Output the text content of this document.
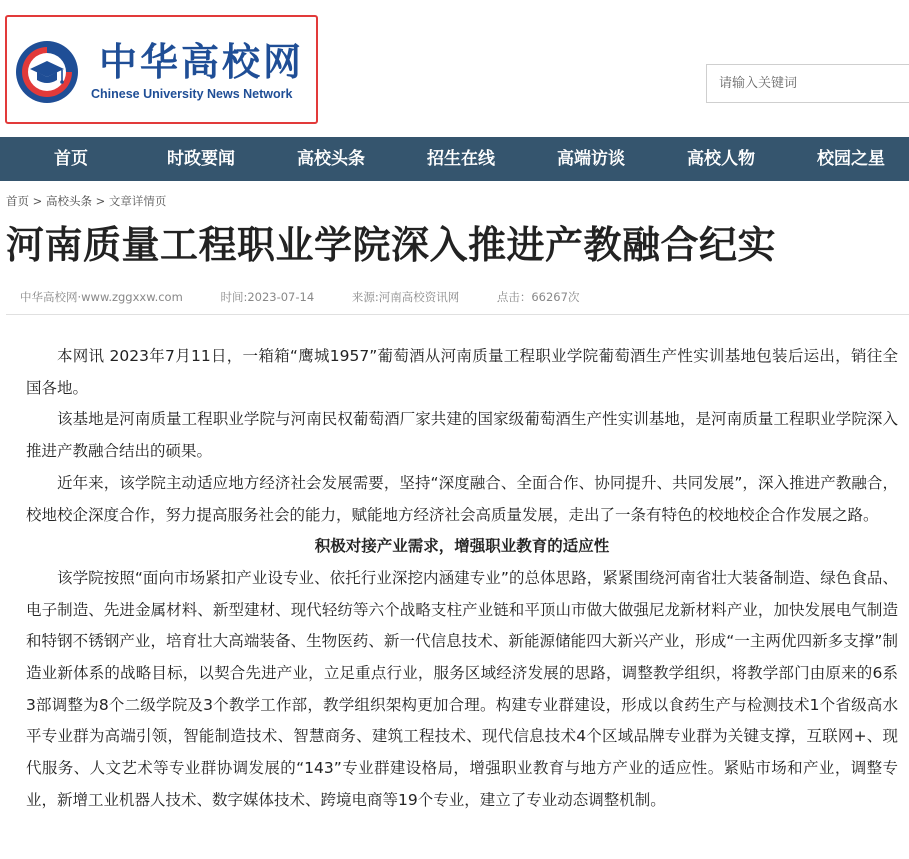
中华高校网
Chinese University News Network
请输入关键词
首页	时政要闻	高校头条	招生在线	高端访谈	高校人物	校园之星
首页 > 高校头条 > 文章详情页
河南质量工程职业学院深入推进产教融合纪实
中华高校网·www.zggxxw.com	时间:2023-07-14	来源:河南高校资讯网	点击：66267次

本网讯 2023年7月11日，一箱箱“鹰城1957”葡萄酒从河南质量工程职业学院葡萄酒生产性实训基地包装后运出，销往全国各地。

该基地是河南质量工程职业学院与河南民权葡萄酒厂家共建的国家级葡萄酒生产性实训基地，是河南质量工程职业学院深入推进产教融合结出的硕果。

近年来，该学院主动适应地方经济社会发展需要，坚持“深度融合、全面合作、协同提升、共同发展”，深入推进产教融合，校地校企深度合作，努力提高服务社会的能力，赋能地方经济社会高质量发展，走出了一条有特色的校地校企合作发展之路。

积极对接产业需求，增强职业教育的适应性

该学院按照“面向市场紧扣产业设专业、依托行业深挖内涵建专业”的总体思路，紧紧围绕河南省壮大装备制造、绿色食品、电子制造、先进金属材料、新型建材、现代轻纺等六个战略支柱产业链和平顶山市做大做强尼龙新材料产业，加快发展电气制造和特钢不锈钢产业，培育壮大高端装备、生物医药、新一代信息技术、新能源储能四大新兴产业，形成“一主两优四新多支撑”制造业新体系的战略目标，以契合先进产业，立足重点行业，服务区域经济发展的思路，调整教学组织，将教学部门由原来的6系3部调整为8个二级学院及3个教学工作部，教学组织架构更加合理。构建专业群建设，形成以食药生产与检测技术1个省级高水平专业群为高端引领，智能制造技术、智慧商务、建筑工程技术、现代信息技术4个区域品牌专业群为关键支撑，互联网+、现代服务、人文艺术等专业群协调发展的“143”专业群建设格局，增强职业教育与地方产业的适应性。紧贴市场和产业，调整专业，新增工业机器人技术、数字媒体技术、跨境电商等19个专业，建立了专业动态调整机制。
